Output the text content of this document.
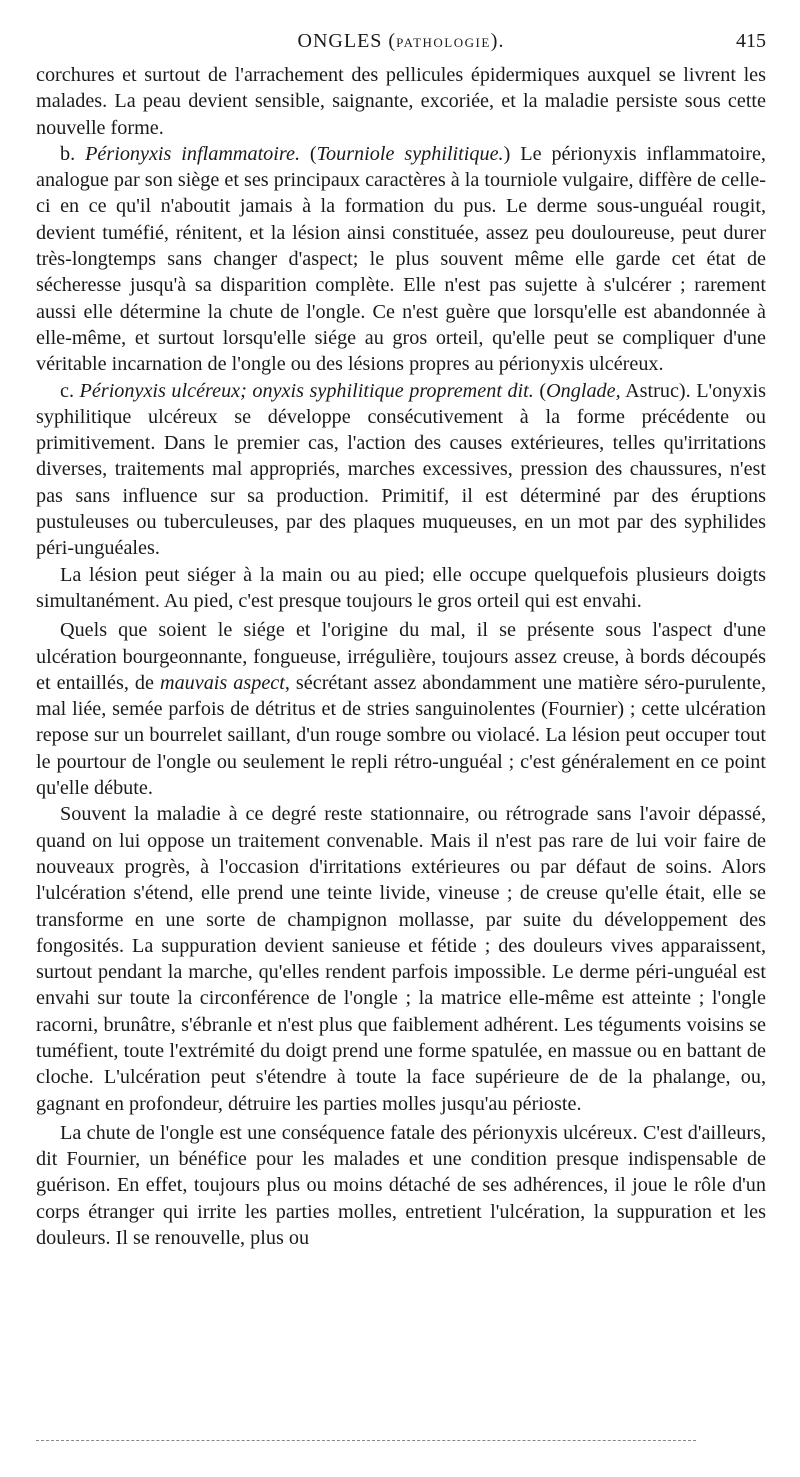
ONGLES (PATHOLOGIE).	415

corchures et surtout de l'arrachement des pellicules épidermiques auxquel se livrent les malades. La peau devient sensible, saignante, excoriée, et la maladie persiste sous cette nouvelle forme.

b. Périonyxis inflammatoire. (Tourniole syphilitique.) Le périonyxis inflammatoire, analogue par son siège et ses principaux caractères à la tourniole vulgaire, diffère de celle-ci en ce qu'il n'aboutit jamais à la formation du pus. Le derme sous-unguéal rougit, devient tuméfié, rénitent, et la lésion ainsi constituée, assez peu douloureuse, peut durer très-longtemps sans changer d'aspect; le plus souvent même elle garde cet état de sécheresse jusqu'à sa disparition complète. Elle n'est pas sujette à s'ulcérer ; rarement aussi elle détermine la chute de l'ongle. Ce n'est guère que lorsqu'elle est abandonnée à elle-même, et surtout lorsqu'elle siége au gros orteil, qu'elle peut se compliquer d'une véritable incarnation de l'ongle ou des lésions propres au périonyxis ulcéreux.

c. Périonyxis ulcéreux; onyxis syphilitique proprement dit. (Onglade, Astruc). L'onyxis syphilitique ulcéreux se développe consécutivement à la forme précédente ou primitivement. Dans le premier cas, l'action des causes extérieures, telles qu'irritations diverses, traitements mal appropriés, marches excessives, pression des chaussures, n'est pas sans influence sur sa production. Primitif, il est déterminé par des éruptions pustuleuses ou tuberculeuses, par des plaques muqueuses, en un mot par des syphilides péri-unguéales.

La lésion peut siéger à la main ou au pied; elle occupe quelquefois plusieurs doigts simultanément. Au pied, c'est presque toujours le gros orteil qui est envahi.

Quels que soient le siége et l'origine du mal, il se présente sous l'aspect d'une ulcération bourgeonnante, fongueuse, irrégulière, toujours assez creuse, à bords découpés et entaillés, de mauvais aspect, sécrétant assez abondamment une matière séro-purulente, mal liée, semée parfois de détritus et de stries sanguinolentes (Fournier) ; cette ulcération repose sur un bourrelet saillant, d'un rouge sombre ou violacé. La lésion peut occuper tout le pourtour de l'ongle ou seulement le repli rétro-unguéal ; c'est généralement en ce point qu'elle débute.

Souvent la maladie à ce degré reste stationnaire, ou rétrograde sans l'avoir dépassé, quand on lui oppose un traitement convenable. Mais il n'est pas rare de lui voir faire de nouveaux progrès, à l'occasion d'irritations extérieures ou par défaut de soins. Alors l'ulcération s'étend, elle prend une teinte livide, vineuse ; de creuse qu'elle était, elle se transforme en une sorte de champignon mollasse, par suite du développement des fongosités. La suppuration devient sanieuse et fétide ; des douleurs vives apparaissent, surtout pendant la marche, qu'elles rendent parfois impossible. Le derme péri-unguéal est envahi sur toute la circonférence de l'ongle ; la matrice elle-même est atteinte ; l'ongle racorni, brunâtre, s'ébranle et n'est plus que faiblement adhérent. Les téguments voisins se tuméfient, toute l'extrémité du doigt prend une forme spatulée, en massue ou en battant de cloche. L'ulcération peut s'étendre à toute la face supérieure de de la phalange, ou, gagnant en profondeur, détruire les parties molles jusqu'au périoste.

La chute de l'ongle est une conséquence fatale des périonyxis ulcéreux. C'est d'ailleurs, dit Fournier, un bénéfice pour les malades et une condition presque indispensable de guérison. En effet, toujours plus ou moins détaché de ses adhérences, il joue le rôle d'un corps étranger qui irrite les parties molles, entretient l'ulcération, la suppuration et les douleurs. Il se renouvelle, plus ou
